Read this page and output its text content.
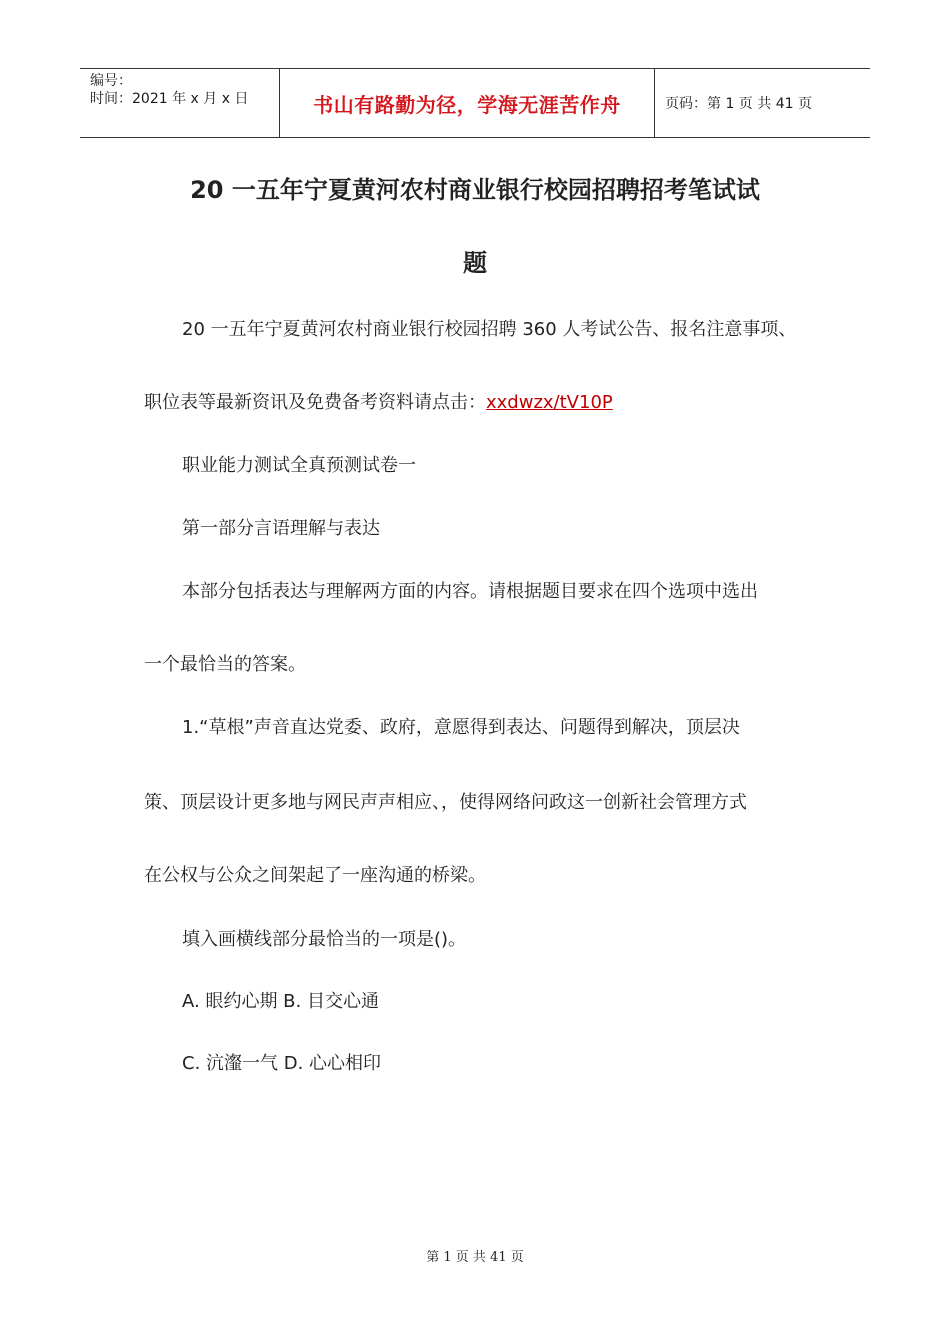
编号：
时间：2021 年 x 月 x 日	书山有路勤为径，学海无涯苦作舟	页码：第 1 页 共 41 页
20 一五年宁夏黄河农村商业银行校园招聘招考笔试试
题
20 一五年宁夏黄河农村商业银行校园招聘 360 人考试公告、报名注意事项、
职位表等最新资讯及免费备考资料请点击：xxdwzx/tV10P
职业能力测试全真预测试卷一
第一部分言语理解与表达
本部分包括表达与理解两方面的内容。请根据题目要求在四个选项中选出
一个最恰当的答案。
1.“草根”声音直达党委、政府，意愿得到表达、问题得到解决，顶层决
策、顶层设计更多地与网民声声相应、，使得网络问政这一创新社会管理方式
在公权与公众之间架起了一座沟通的桥梁。
填入画横线部分最恰当的一项是()。
A. 眼约心期 B. 目交心通
C. 沆瀣一气 D. 心心相印
第 1 页 共 41 页
